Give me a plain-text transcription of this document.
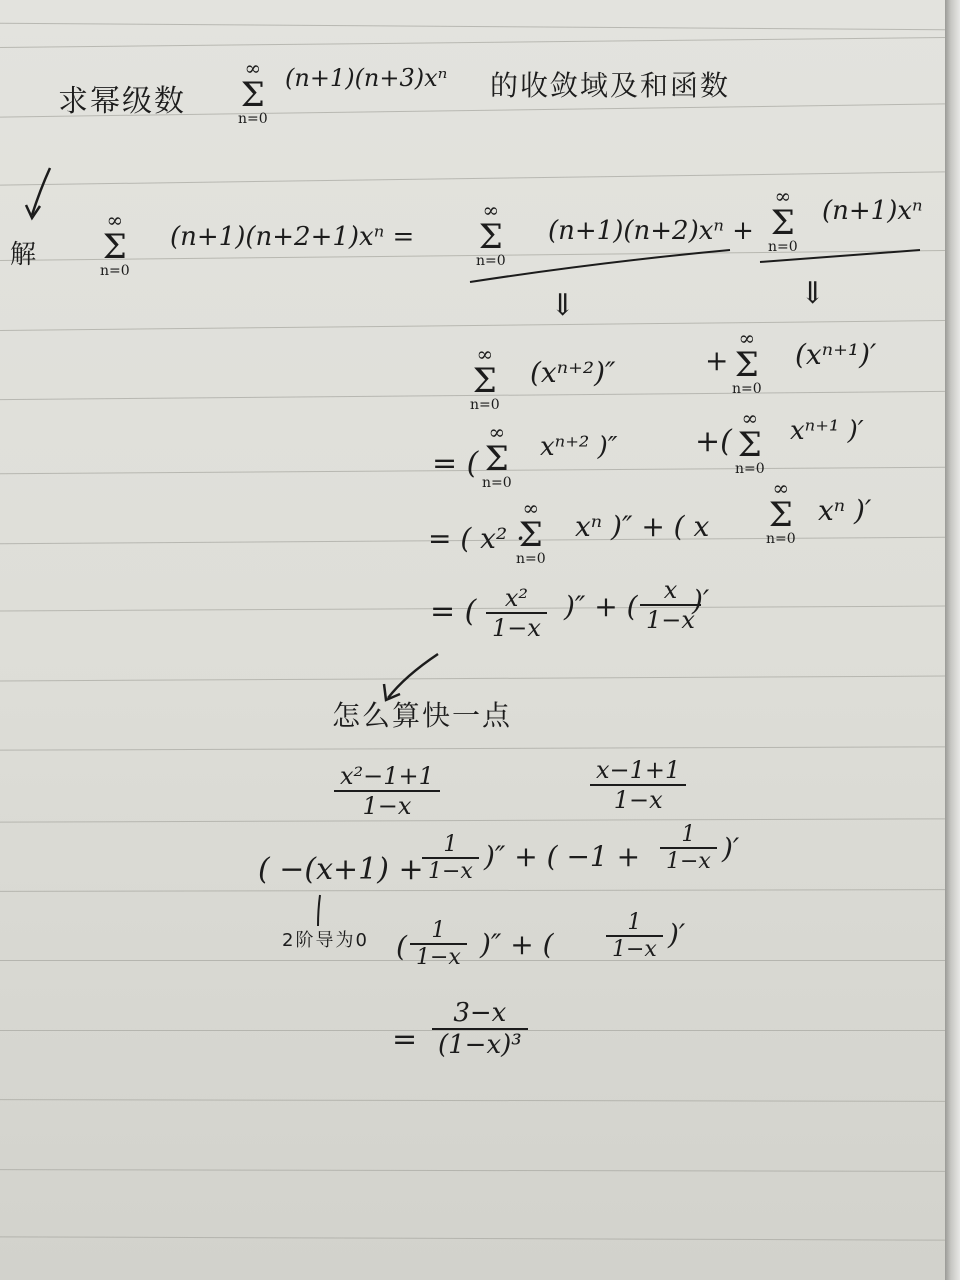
求幂级数
∞
Σ
n=0
(n+1)(n+3)xⁿ 的收敛域及和函数
解
∞
Σ
n=0
(n+1)(n+2+1)xⁿ =
∞
Σ
n=0
(n+1)(n+2)xⁿ +
∞
Σ
n=0
(n+1)xⁿ
⇓	⇓
∞
Σ
n=0
(xⁿ⁺²)″	+
∞
Σ
n=0
(xⁿ⁺¹)′
= (
∞
Σ
n=0
xⁿ⁺² )″	+(
∞
Σ
n=0
xⁿ⁺¹ )′
= ( x² ·
∞
Σ
n=0
xⁿ )″ + ( x
∞
Σ
n=0
xⁿ )′
= ( $\frac{\text{x²}}{1-x}$ )″ + ( $\frac{x}{1-x}$
)′
怎么算快一点
$\frac{\text{x²−1+1}}{1-x}$	$\frac{x-1+1}{1-x}$
( −(x+1) +
$\frac{1}{1-x}$ )″ + ( $-1 + \frac{1}{1-x}$ )′
2阶导为0 ( $\frac{1}{1-x}$ )″ + ( $\frac{1}{1-x}$ )′
= $\frac{3-x}{\text{(1−x)³}}$
